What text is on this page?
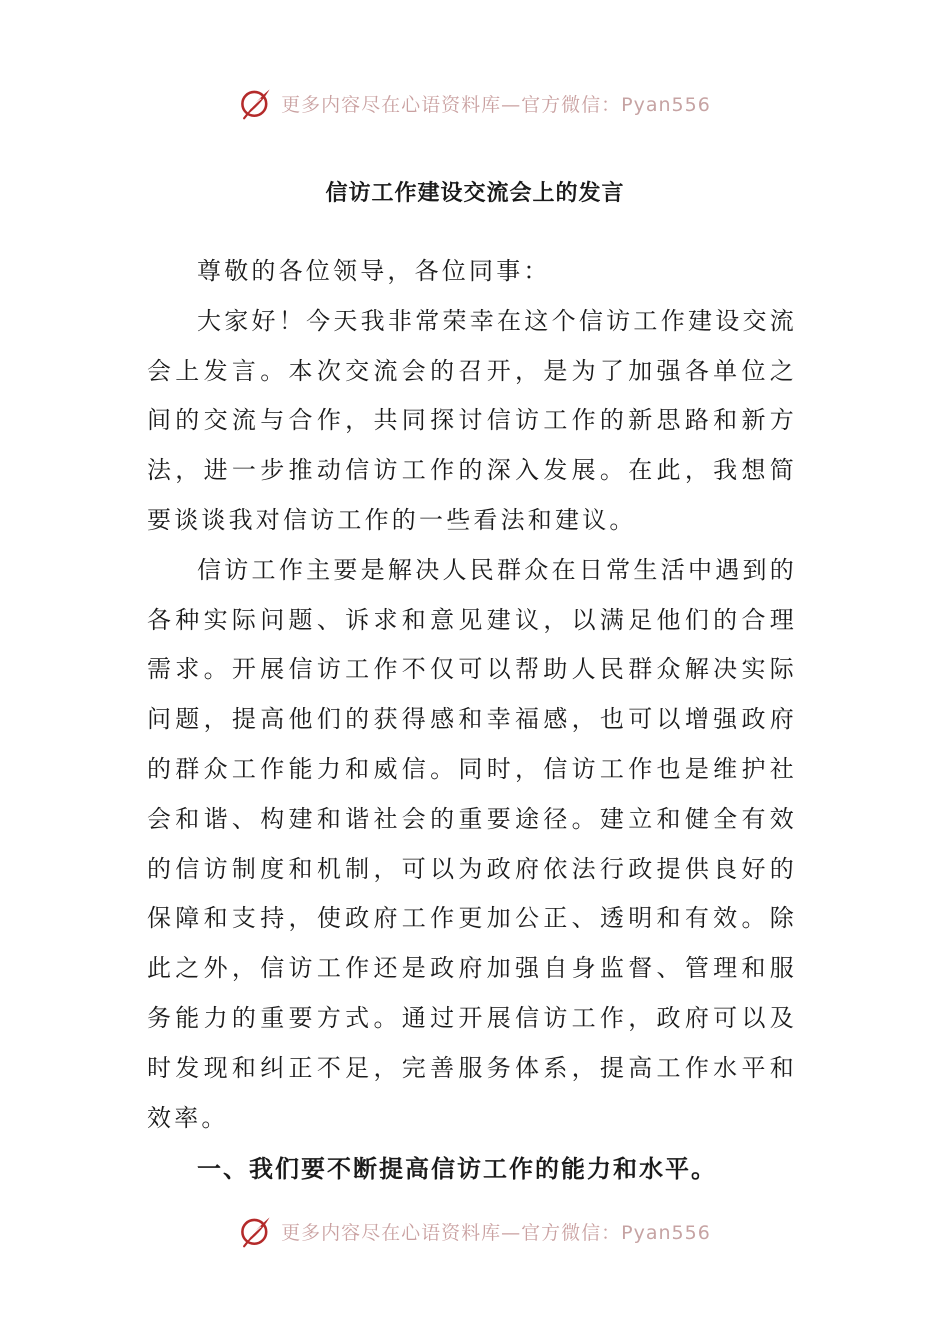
更多内容尽在心语资料库—官方微信：Pyan556
信访工作建设交流会上的发言

尊敬的各位领导，各位同事：

大家好！今天我非常荣幸在这个信访工作建设交流会上发言。本次交流会的召开，是为了加强各单位之间的交流与合作，共同探讨信访工作的新思路和新方法，进一步推动信访工作的深入发展。在此，我想简要谈谈我对信访工作的一些看法和建议。

信访工作主要是解决人民群众在日常生活中遇到的各种实际问题、诉求和意见建议，以满足他们的合理需求。开展信访工作不仅可以帮助人民群众解决实际问题，提高他们的获得感和幸福感，也可以增强政府的群众工作能力和威信。同时，信访工作也是维护社会和谐、构建和谐社会的重要途径。建立和健全有效的信访制度和机制，可以为政府依法行政提供良好的保障和支持，使政府工作更加公正、透明和有效。除此之外，信访工作还是政府加强自身监督、管理和服务能力的重要方式。通过开展信访工作，政府可以及时发现和纠正不足，完善服务体系，提高工作水平和效率。

一、我们要不断提高信访工作的能力和水平。

更多内容尽在心语资料库—官方微信：Pyan556
